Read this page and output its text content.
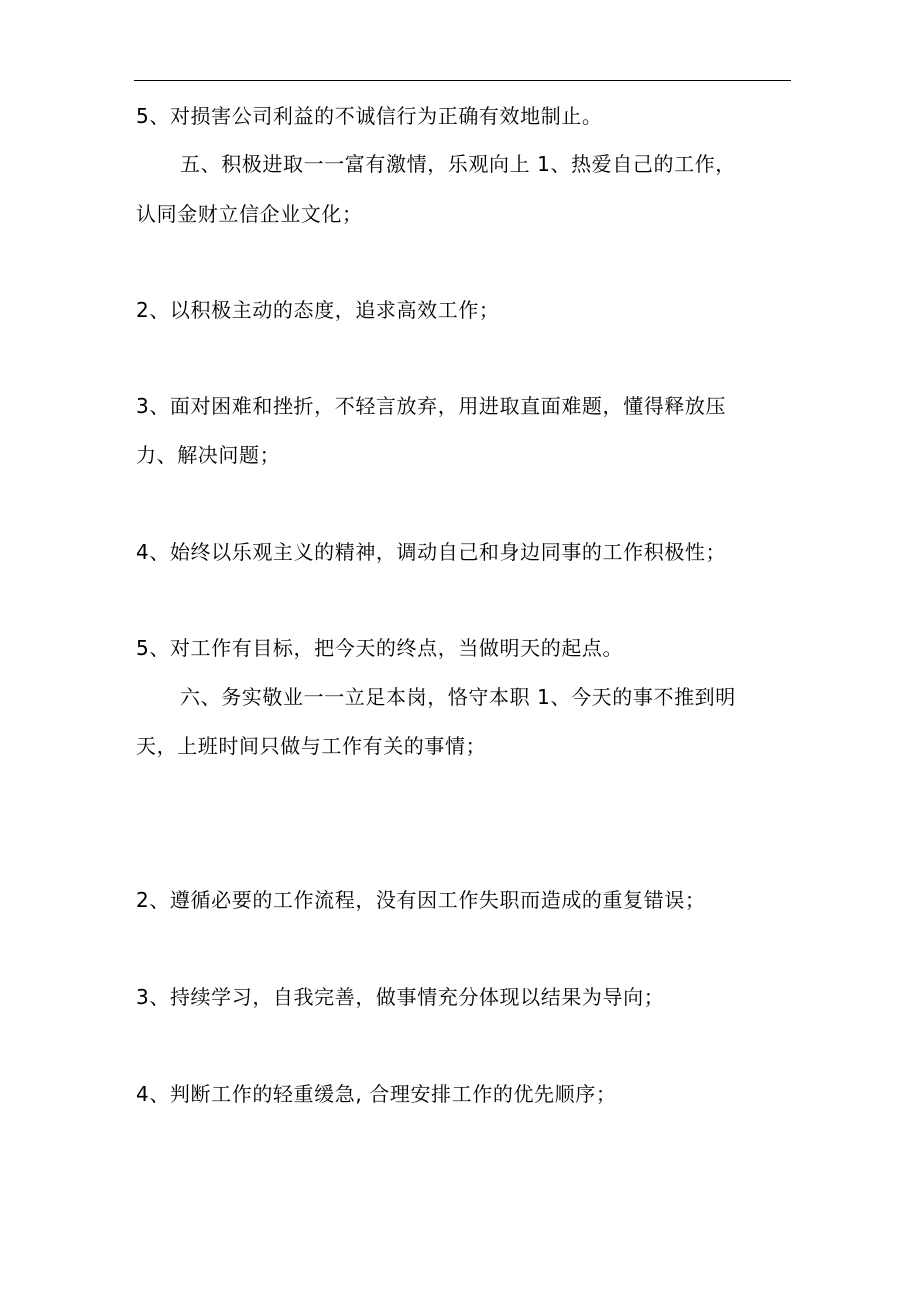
5、对损害公司利益的不诚信行为正确有效地制止。
五、积极进取一一富有激情，乐观向上 1、热爱自己的工作，
认同金财立信企业文化；
2、以积极主动的态度，追求高效工作；
3、面对困难和挫折，不轻言放弃，用进取直面难题，懂得释放压
力、解决问题；
4、始终以乐观主义的精神，调动自己和身边同事的工作积极性；
5、对工作有目标，把今天的终点，当做明天的起点。
六、务实敬业一一立足本岗，恪守本职 1、今天的事不推到明
天，上班时间只做与工作有关的事情；
2、遵循必要的工作流程，没有因工作失职而造成的重复错误；
3、持续学习，自我完善，做事情充分体现以结果为导向；
4、判断工作的轻重缓急, 合理安排工作的优先顺序；
